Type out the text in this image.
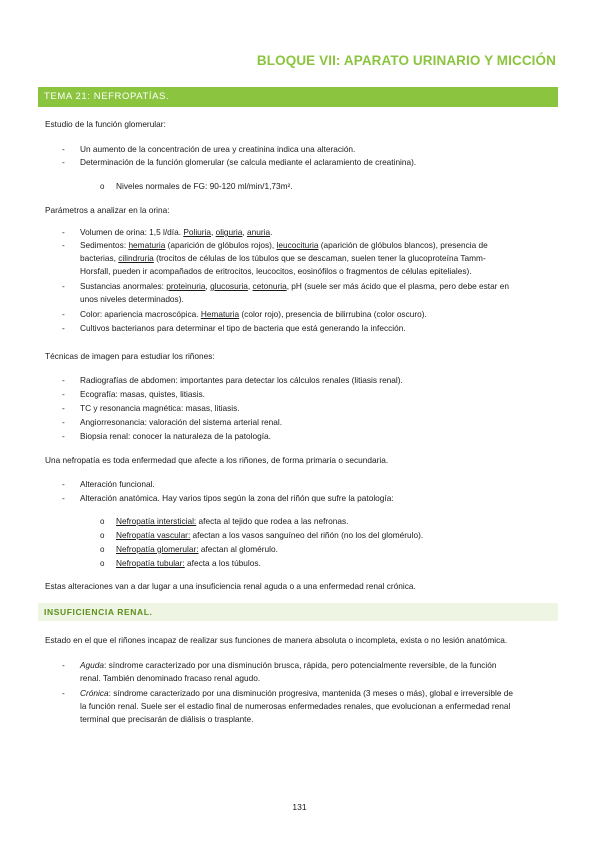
BLOQUE VII: APARATO URINARIO Y MICCIÓN
TEMA 21: NEFROPATÍAS.
Estudio de la función glomerular:
- Un aumento de la concentración de urea y creatinina indica una alteración.
- Determinación de la función glomerular (se calcula mediante el aclaramiento de creatinina).
o Niveles normales de FG: 90-120 ml/min/1,73m².
Parámetros a analizar en la orina:
- Volumen de orina: 1,5 l/día. Poliuria, oliguria, anuria.
- Sedimentos: hematuria (aparición de glóbulos rojos), leucocituria (aparición de glóbulos blancos), presencia de
bacterias, cilindruria (trocitos de células de los túbulos que se descaman, suelen tener la glucoproteína Tamm-
Horsfall, pueden ir acompañados de eritrocitos, leucocitos, eosinófilos o fragmentos de células epiteliales).
- Sustancias anormales: proteinuria, glucosuria, cetonuria, pH (suele ser más ácido que el plasma, pero debe estar en
unos niveles determinados).
- Color: apariencia macroscópica. Hematuria (color rojo), presencia de bilirrubina (color oscuro).
- Cultivos bacterianos para determinar el tipo de bacteria que está generando la infección.
Técnicas de imagen para estudiar los riñones:
- Radiografías de abdomen: importantes para detectar los cálculos renales (litiasis renal).
- Ecografía: masas, quistes, litiasis.
- TC y resonancia magnética: masas, litiasis.
- Angiorresonancia: valoración del sistema arterial renal.
- Biopsia renal: conocer la naturaleza de la patología.
Una nefropatía es toda enfermedad que afecte a los riñones, de forma primaria o secundaria.
- Alteración funcional.
- Alteración anatómica. Hay varios tipos según la zona del riñón que sufre la patología:
o Nefropatía intersticial: afecta al tejido que rodea a las nefronas.
o Nefropatía vascular: afectan a los vasos sanguíneo del riñón (no los del glomérulo).
o Nefropatía glomerular: afectan al glomérulo.
o Nefropatía tubular: afecta a los túbulos.
Estas alteraciones van a dar lugar a una insuficiencia renal aguda o a una enfermedad renal crónica.
INSUFICIENCIA RENAL.
Estado en el que el riñones incapaz de realizar sus funciones de manera absoluta o incompleta, exista o no lesión anatómica.
- Aguda: síndrome caracterizado por una disminución brusca, rápida, pero potencialmente reversible, de la función
renal. También denominado fracaso renal agudo.
- Crónica: síndrome caracterizado por una disminución progresiva, mantenida (3 meses o más), global e irreversible de
la función renal. Suele ser el estadio final de numerosas enfermedades renales, que evolucionan a enfermedad renal
terminal que precisarán de diálisis o trasplante.
131
